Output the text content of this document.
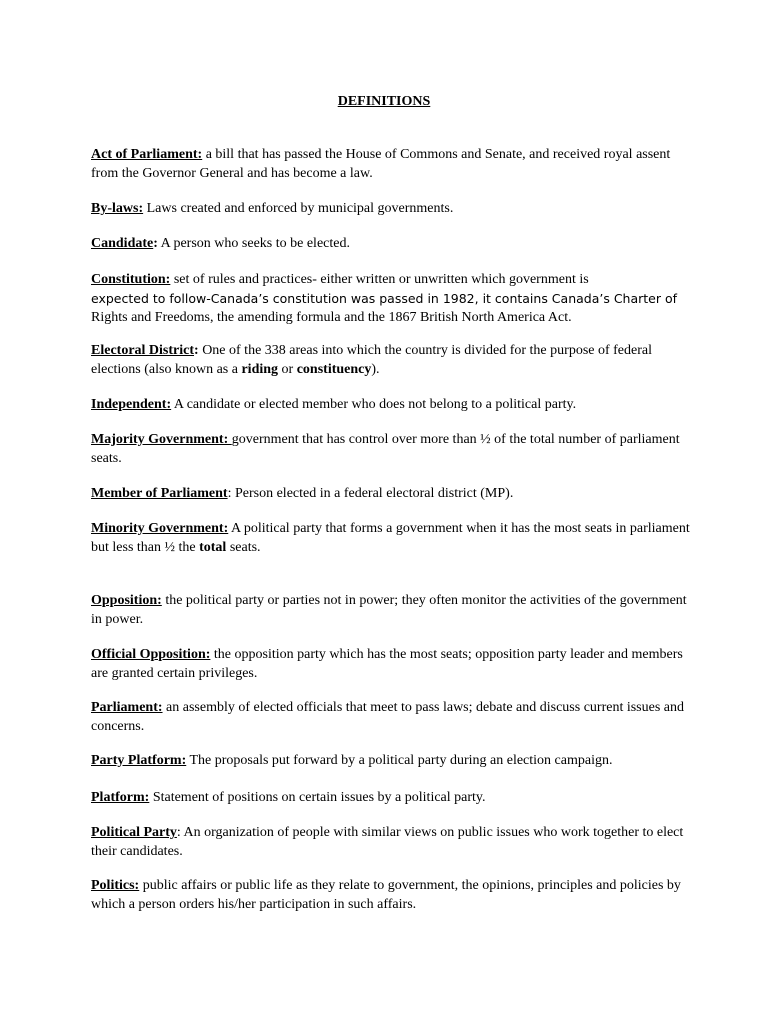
DEFINITIONS
Act of Parliament: a bill that has passed the House of Commons and Senate, and received royal assent from the Governor General and has become a law.
By-laws: Laws created and enforced by municipal governments.
Candidate: A person who seeks to be elected.
Constitution: set of rules and practices- either written or unwritten which government is
expected to follow-Canada’s constitution was passed in 1982, it contains Canada’s Charter of
Rights and Freedoms, the amending formula and the 1867 British North America Act.
Electoral District: One of the 338 areas into which the country is divided for the purpose of federal elections (also known as a riding or constituency).
Independent: A candidate or elected member who does not belong to a political party.
Majority Government: government that has control over more than ½ of the total number of parliament seats.
Member of Parliament: Person elected in a federal electoral district (MP).
Minority Government: A political party that forms a government when it has the most seats in parliament but less than ½ the total seats.
Opposition: the political party or parties not in power; they often monitor the activities of the government in power.
Official Opposition: the opposition party which has the most seats; opposition party leader and members are granted certain privileges.
Parliament: an assembly of elected officials that meet to pass laws; debate and discuss current issues and concerns.
Party Platform: The proposals put forward by a political party during an election campaign.
Platform: Statement of positions on certain issues by a political party.
Political Party: An organization of people with similar views on public issues who work together to elect their candidates.
Politics: public affairs or public life as they relate to government, the opinions, principles and policies by which a person orders his/her participation in such affairs.
